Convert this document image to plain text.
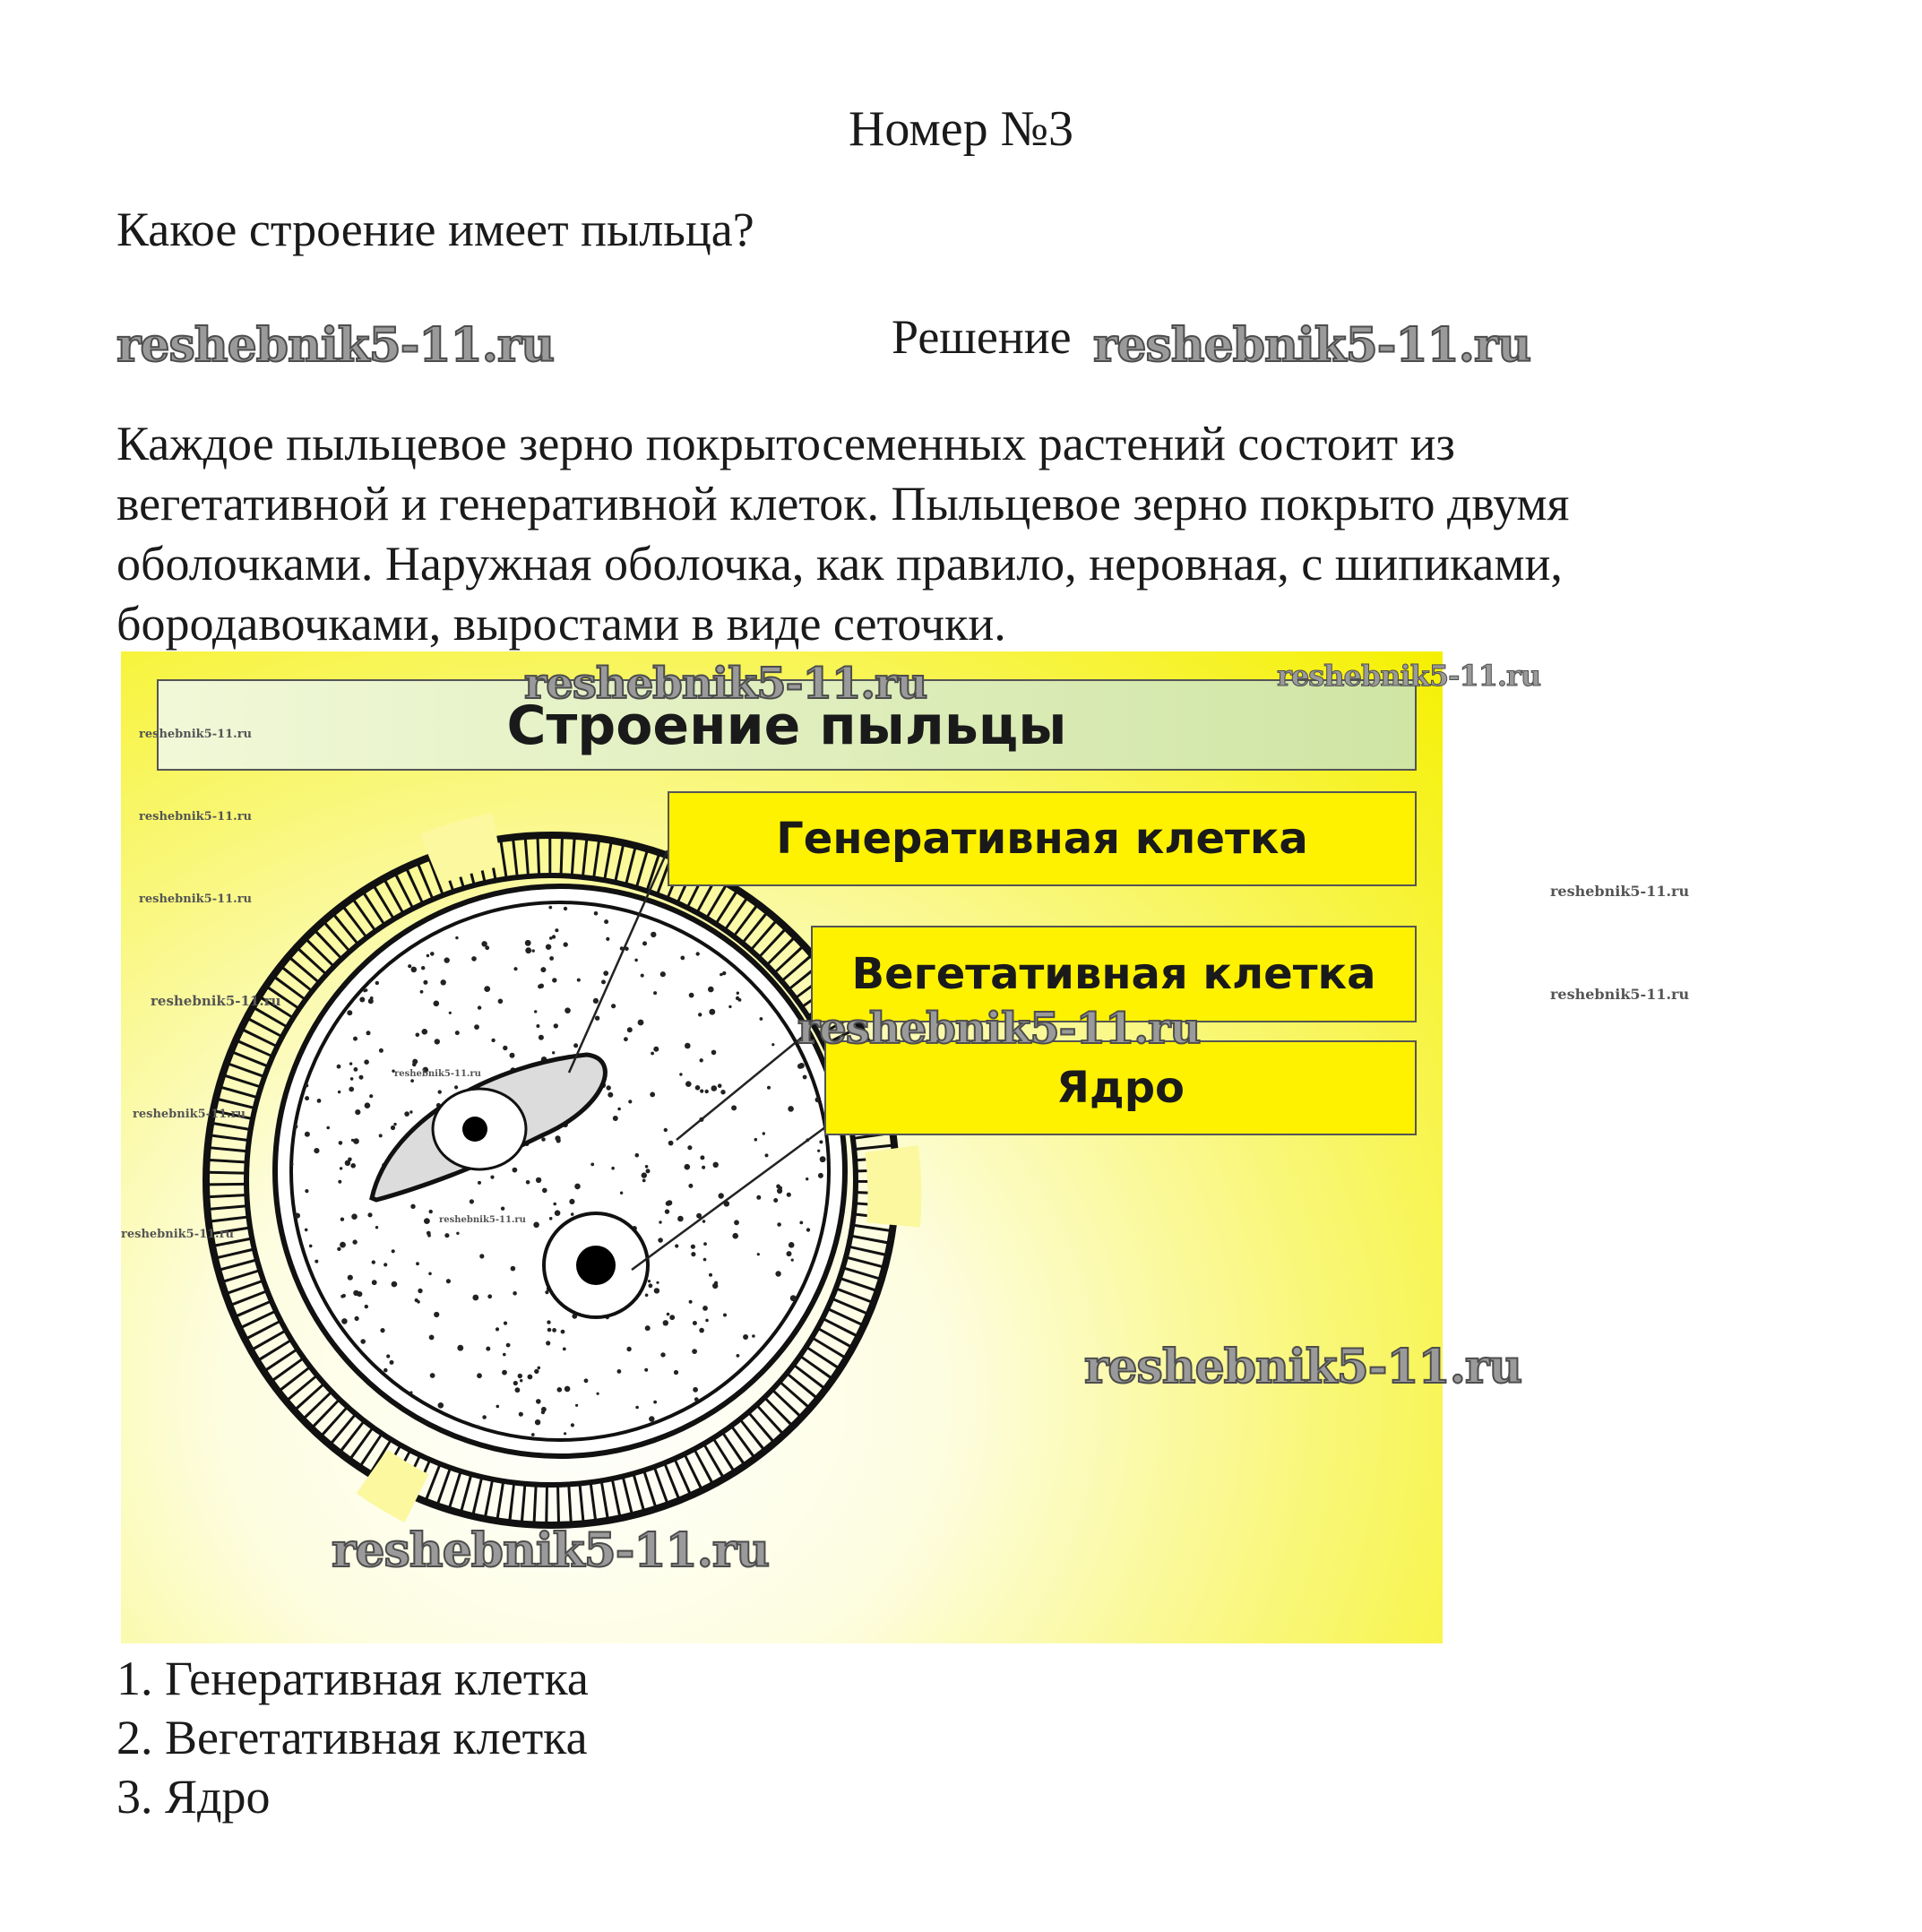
Номер №3
Какое строение имеет пыльца?
reshebnik5-11.ru	Решение reshebnik5-11.ru
Каждое пыльцевое зерно покрытосеменных растений состоит из
вегетативной и генеративной клеток. Пыльцевое зерно покрыто двумя
оболочками. Наружная оболочка, как правило, неровная, с шипиками,
бородавочками, выростами в виде сеточки.
Строение пыльцы
Генеративная клетка
Вегетативная клетка
Ядро
reshebnik5-11.ru	reshebnik5-11.ru
reshebnik5-11.ru
reshebnik5-11.ru
reshebnik5-11.ru
reshebnik5-11.ru
reshebnik5-11.ru
reshebnik5-11.ru
reshebnik5-11.ru
reshebnik5-11.ru
reshebnik5-11.ru
reshebnik5-11.ru
reshebnik5-11.ru
reshebnik5-11.ru
reshebnik5-11.ru
1. Генеративная клетка
2. Вегетативная клетка
3. Ядро
